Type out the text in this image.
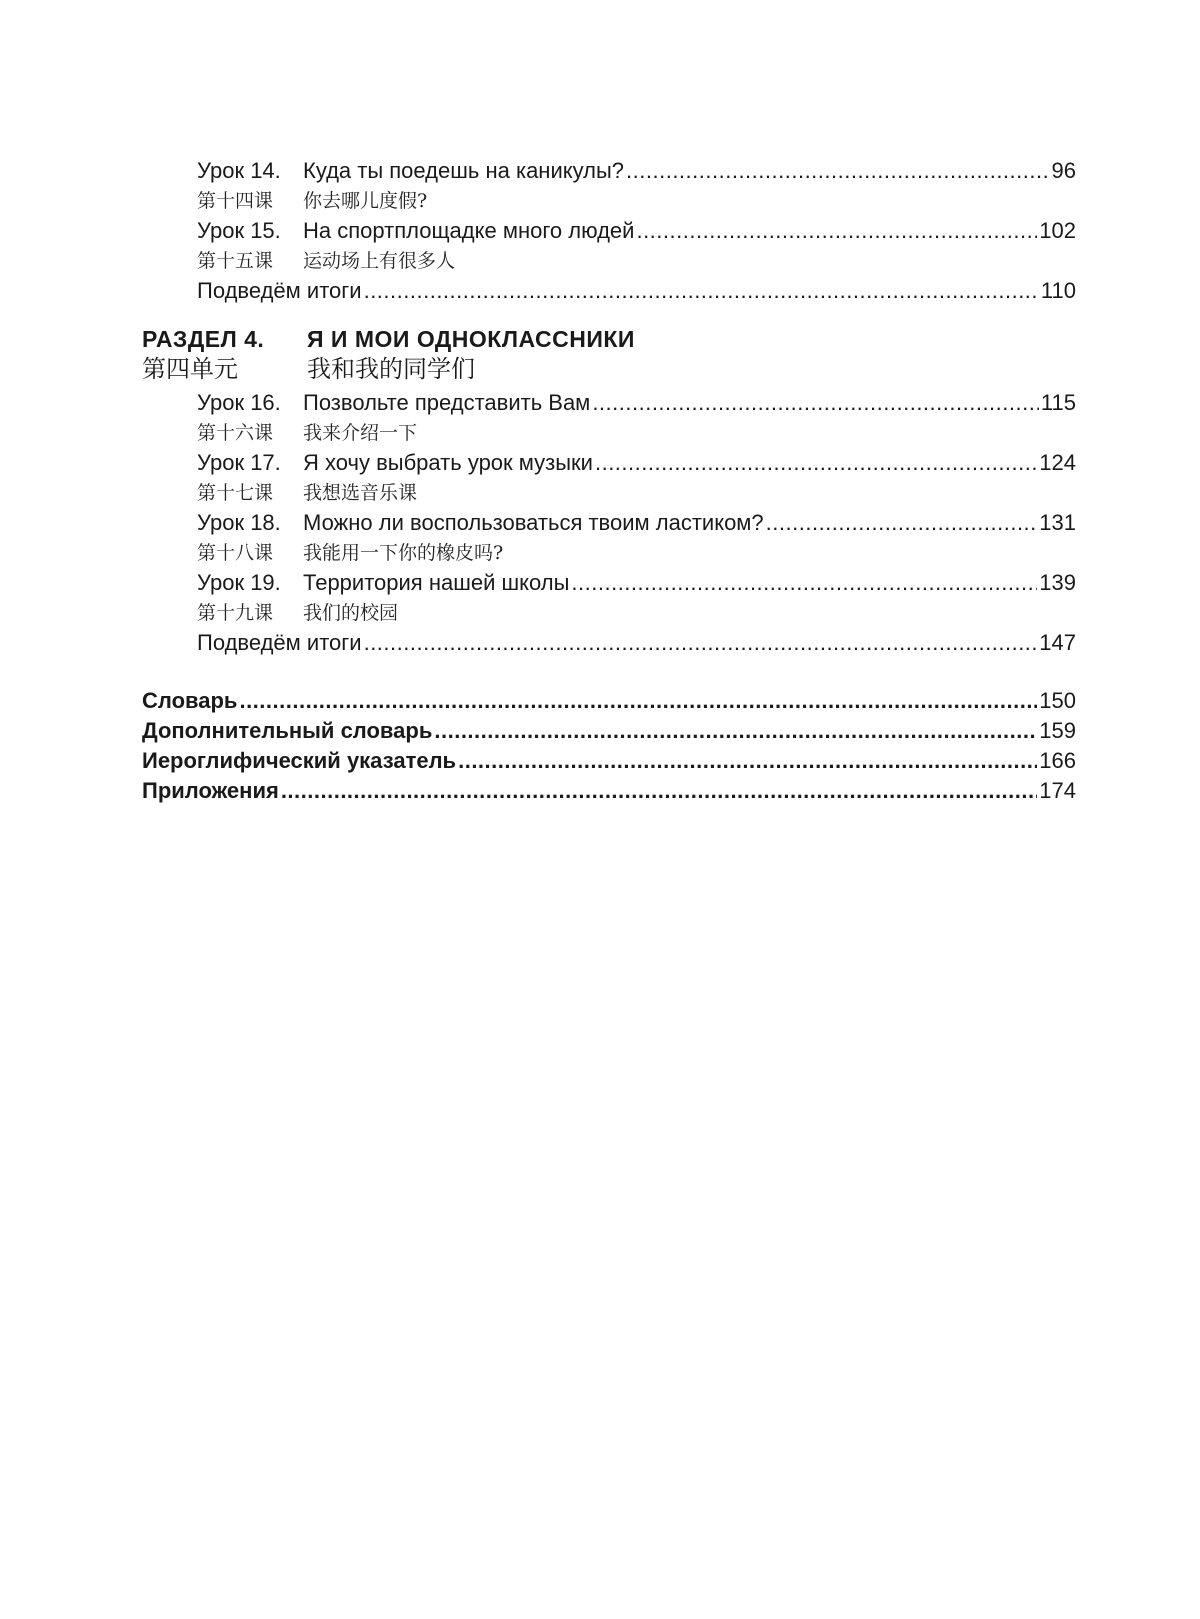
Урок 14. Куда ты поедешь на каникулы? .....	96
第十四课 你去哪儿度假?
Урок 15. На спортплощадке много людей .....	102
第十五课 运动场上有很多人
Подведём итоги .....	110
РАЗДЕЛ 4. Я И МОИ ОДНОКЛАССНИКИ
第四单元	我和我的同学们
Урок 16. Позвольте представить Вам .....	115
第十六课 我来介绍一下
Урок 17. Я хочу выбрать урок музыки .....	124
第十七课 我想选音乐课
Урок 18. Можно ли воспользоваться твоим ластиком? .....	131
第十八课 我能用一下你的橡皮吗?
Урок 19. Территория нашей школы .....	139
第十九课 我们的校园
Подведём итоги .....	147
Словарь .....	150
Дополнительный словарь .....	159
Иероглифический указатель .....	166
Приложения .....	174
